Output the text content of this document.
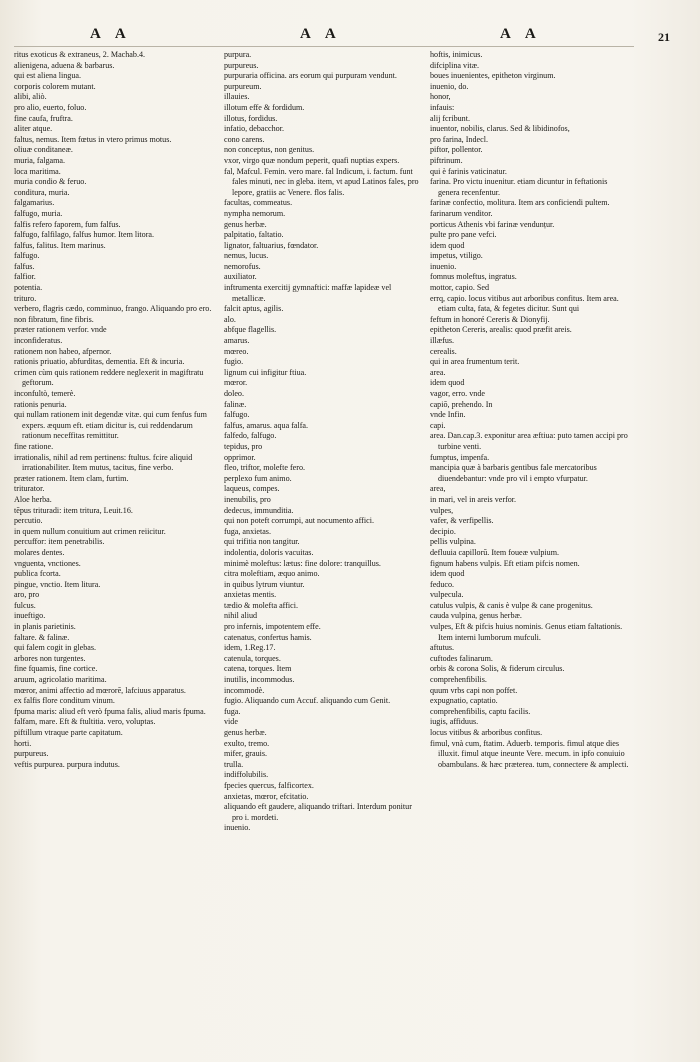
A A	A A	A A	21

ritus exoticus & extraneus, 2. Machab.4.

alienigena, aduena & barbarus.

qui est aliena lingua.

corporis colorem mutant.

alibi, aliò.

pro alio, euerto, foluo.

fine caufa, fruftra.

aliter atque.

faltus, nemus. Item fœtus in vtero primus motus.

oliuæ conditaneæ.

muria, falgama.

loca maritima.

muria condio & feruo.

conditura, muria.

falgamarius.

falfugo, muria.

falfis refero faporem, fum falfus.

falfugo, falfilago, falfus humor. Item litora.

falfus, falitus. Item marinus.

falfugo.

falfus.

falfior.

potentia.

trituro.

verbero, flagris cædo, comminuo, frango. Aliquando pro ero.

non fibratum, fine fibris.

præter rationem verfor. vnde

inconfideratus.

rationem non habeo, afpernor.

rationis priuatio, abfurditas, dementia. Eft & incuria.

crimen cùm quis rationem reddere neglexerit in magiftratu geftorum.

inconfultò, temerè.

rationis penuria.

qui nullam rationem init degendæ vitæ. qui cum fenfus fum expers. æquum eft. etiam dicitur is, cui reddendarum rationum neceffitas remittitur.

fine ratione.

irrationalis, nihil ad rem pertinens: ftultus. fcire aliquid irrationabiliter. Item mutus, tacitus, fine verbo.

præter rationem. Item clam, furtim.

triturator.

Aloe herba.

tēpus trituradi: item tritura, Leuit.16.

percutio.

in quem nullum conuitium aut crimen reiicitur.

percuffor: item penetrabilis.

molares dentes.

vnguenta, vnctiones.

publica fcorta.

pingue, vnctio. Item litura.

aro, pro

fulcus.

inueftigo.

in planis parietinis.

faltare. & falinæ.

qui falem cogit in glebas.

arbores non turgentes.

fine fquamis, fine cortice.

aruum, agricolatio maritima.

mœror, animi affectio ad mœrorē, lafciuus apparatus.

ex falfis flore conditum vinum.

fpuma maris: aliud eft verò fpuma falis, aliud maris fpuma.

falfam, mare. Eft & ftultitia. vero, voluptas.

piftillum vtraque parte capitatum.

horti.

purpureus.

veftis purpurea. purpura indutus.

purpura.

purpureus.

purpuraria officina. ars eorum qui purpuram vendunt.

purpureum.

illauies.

illotum effe & fordidum.

illotus, fordidus.

infatio, debacchor.

cono carens.

non conceptus, non genitus.

vxor, virgo quæ nondum peperit, quafi nuptias expers.

fal, Mafcul. Femin. vero mare. fal Indicum, i. factum. funt fales minuti, nec in gleba. item, vt apud Latinos fales, pro lepore, gratiis ac Venere. flos falis.

facultas, commeatus.

nympha nemorum.

genus herbæ.

palpitatio, faltatio.

lignator, faltuarius, fœndator.

nemus, lucus.

nemorofus.

auxiliator.

inftrumenta exercitij gymnaftici: maffæ lapideæ vel metallicæ.

falcit aptus, agilis.

alo.

abfque flagellis.

amarus.

mœreo.

fugio.

lignum cui infigitur ftiua.

mœror.

doleo.

falinæ.

falfugo.

falfus, amarus. aqua falfa.

falfedo, falfugo.

tepidus, pro

opprimor.

fleo, triftor, molefte fero.

perplexo fum animo.

laqueus, compes.

inenubilis, pro

dedecus, immunditia.

qui non poteft corrumpi, aut nocumento affici.

fuga, anxietas.

qui trifitia non tangitur.

indolentia, doloris vacuitas.

minimè moleftus: lætus: fine dolore: tranquillus.

citra moleftiam, æquo animo.

in quibus lytrum viuntur.

anxietas mentis.

tædio & molefta affici.

nihil aliud

pro infernis, impotentem effe.

catenatus, confertus hamis.

idem, 1.Reg.17.

catenula, torques.

catena, torques. Item

inutilis, incommodus.

incommodè.

fugio. Aliquando cum Accuf. aliquando cum Genit.

fuga.

vide

genus herbæ.

exulto, tremo.

mifer, grauis.

trulla.

indiffolubilis.

fpecies quercus, falficortex.

anxietas, mœror, efcitatio.

aliquando eft gaudere, aliquando triftari. Interdum ponitur pro i. mordeti.

inuenio.

hoftis, inimicus.

difciplina vitæ.

boues inuenientes, epitheton virginum.

inuenio, do.

honor,

infauis:

alij fcribunt.

inuentor, nobilis, clarus. Sed & libidinofos,

pro farina, Indecl.

piftor, pollentor.

piftrinum.

qui è farinis vaticinatur.

farina. Pro victu inuenitur. etiam dicuntur in feftationis genera recenfentur.

farinæ confectio, molitura. Item ars conficiendi pultem.

farinarum venditor.

porticus Athenis vbi farinæ vendunțur.

pulte pro pane vefci.

idem quod

impetus, vtiligo.

inuenio.

fomnus moleftus, ingratus.

mottor, capio. Sed

errq, capio. locus vitibus aut arboribus confitus. Item area. etiam culta, fata, & fegetes dicitur. Sunt qui

feftum in honoré Cereris & Dionyfij.

epitheton Cereris, arealis: quod præfit areis.

illæfus.

cerealis.

qui in area frumentum terit.

area.

idem quod

vagor, erro. vnde

capiō, prehendo. In

vnde Infin.

capi.

area. Dan.cap.3. exponitur area æftiua: puto tamen accipi pro turbine venti.

fumptus, impenfa.

mancipia quæ à barbaris gentibus fale mercatoribus diuendebantur: vnde pro vil i empto vfurpatur.

area,

in mari, vel in areis verfor.

vulpes,

vafer, & verfipellis.

decipio.

pellis vulpina.

defluuia capillorū. Item foueæ vulpium.

fignum habens vulpis. Eft etiam pifcis nomen.

idem quod

feduco.

vulpecula.

catulus vulpis, & canis è vulpe & cane progenitus.

cauda vulpina, genus herbæ.

vulpes, Eft & pifcis huius nominis. Genus etiam faltationis. Item interni lumborum mufculi.

aftutus.

cuftodes falinarum.

orbis & corona Solis, & fiderum circulus.

comprehenfibilis.

quum vrbs capi non poffet.

expugnatio, captatio.

comprehenfibilis, captu facilis.

iugis, affiduus.

locus vitibus & arboribus confitus.

fimul, vnà cum, ftatim. Aduerb. temporis. fimul atque dies illuxit. fimul atque ineunte Vere. mecum. in ipfo conuiuio obambulans. & hæc præterea. tum, connectere & amplecti.
